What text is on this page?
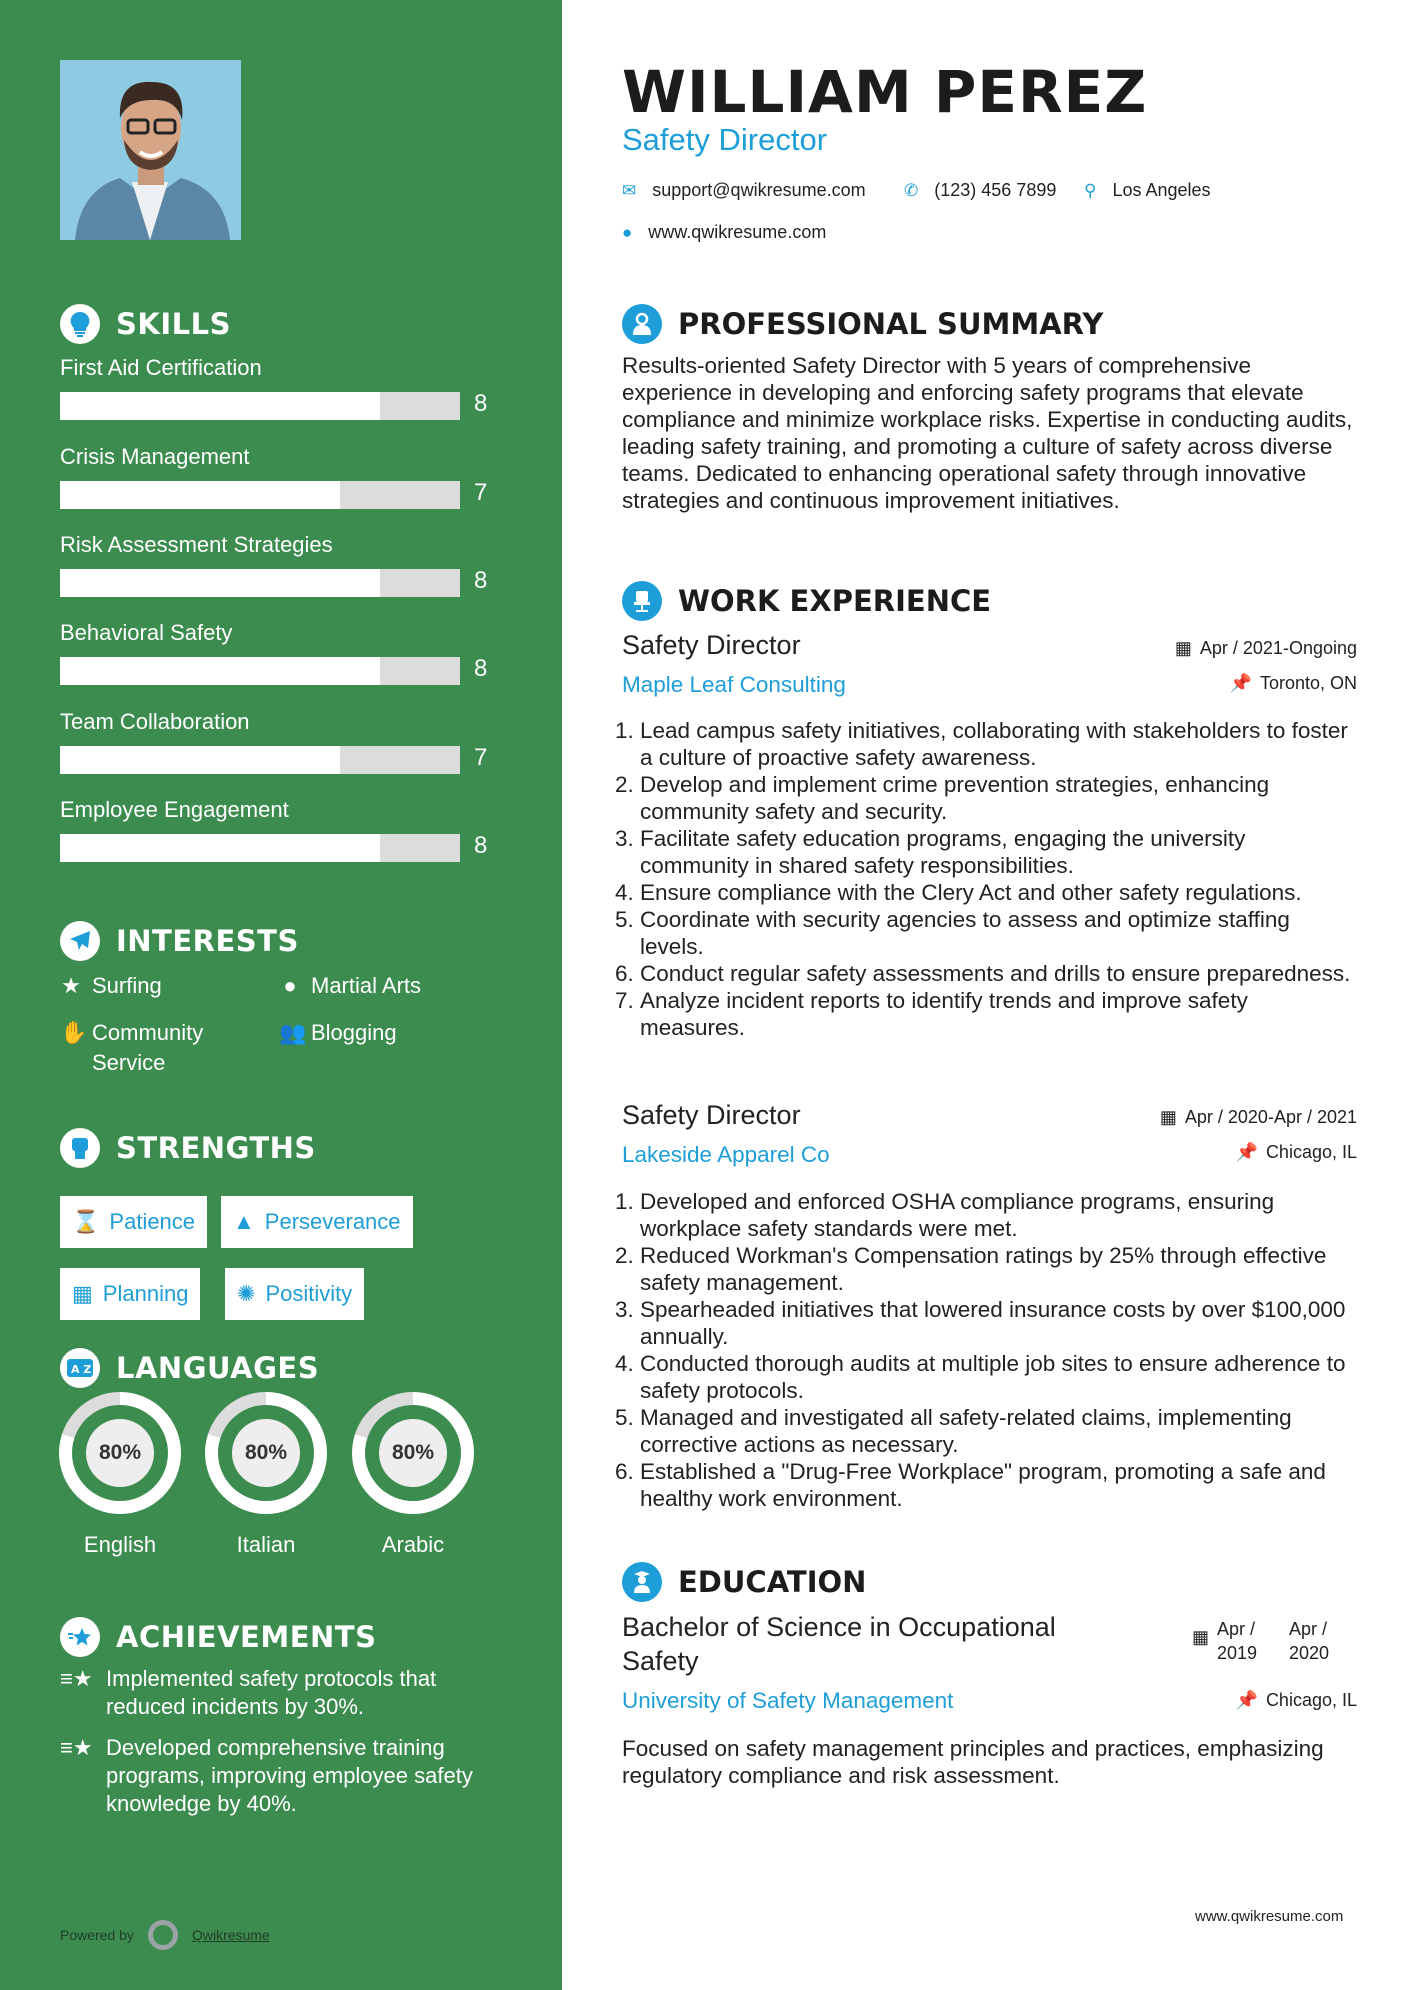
SKILLS
First Aid Certification
8
Crisis Management
7
Risk Assessment Strategies
8
Behavioral Safety
8
Team Collaboration
7
Employee Engagement
8
INTERESTS
★ Surfing	● Martial Arts
✋ Community Service
👥 Blogging
STRENGTHS
⌛ Patience ▲ Perseverance
▦ Planning ✺ Positivity
A Z LANGUAGES
80%
English
80%
Italian
80%
Arabic
ACHIEVEMENTS
≡★ Implemented safety protocols that reduced incidents by 30%.
≡★ Developed comprehensive training programs, improving employee safety knowledge by 40%.
Powered by	Qwikresume
WILLIAM PEREZ
Safety Director
✉ support@qwikresume.com ✆ (123) 456 7899 ⚲ Los Angeles
● www.qwikresume.com
PROFESSIONAL SUMMARY

Results-oriented Safety Director with 5 years of comprehensive experience in developing and enforcing safety programs that elevate compliance and minimize workplace risks. Expertise in conducting audits, leading safety training, and promoting a culture of safety across diverse teams. Dedicated to enhancing operational safety through innovative strategies and continuous improvement initiatives.

WORK EXPERIENCE
Safety Director	▦ Apr / 2021-Ongoing
Maple Leaf Consulting	📌 Toronto, ON
1. Lead campus safety initiatives, collaborating with stakeholders to foster a culture of proactive safety awareness.
2. Develop and implement crime prevention strategies, enhancing community safety and security.
3. Facilitate safety education programs, engaging the university community in shared safety responsibilities.
4. Ensure compliance with the Clery Act and other safety regulations.
5. Coordinate with security agencies to assess and optimize staffing levels.
6. Conduct regular safety assessments and drills to ensure preparedness.
7. Analyze incident reports to identify trends and improve safety measures.
Safety Director	▦ Apr / 2020-Apr / 2021
Lakeside Apparel Co	📌 Chicago, IL
1. Developed and enforced OSHA compliance programs, ensuring workplace safety standards were met.
2. Reduced Workman's Compensation ratings by 25% through effective safety management.
3. Spearheaded initiatives that lowered insurance costs by over $100,000 annually.
4. Conducted thorough audits at multiple job sites to ensure adherence to safety protocols.
5. Managed and investigated all safety-related claims, implementing corrective actions as necessary.
6. Established a "Drug-Free Workplace" program, promoting a safe and healthy work environment.
EDUCATION
Bachelor of Science in Occupational Safety
▦ Apr / 2019
Apr / 2020
University of Safety Management	📌 Chicago, IL

Focused on safety management principles and practices, emphasizing regulatory compliance and risk assessment.

www.qwikresume.com
